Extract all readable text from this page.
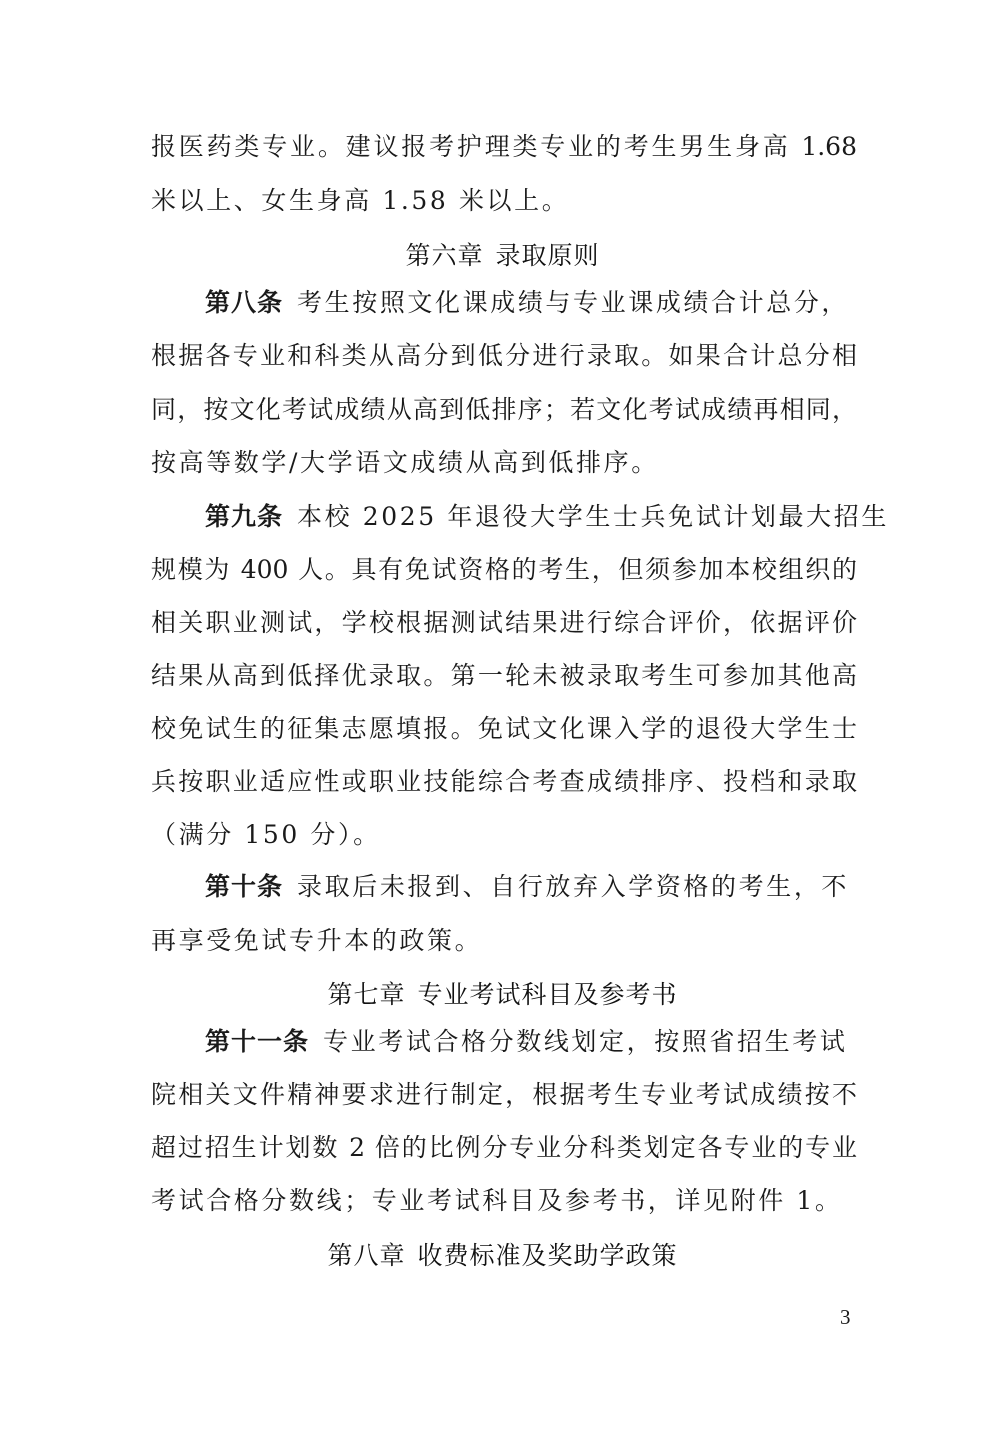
报医药类专业。建议报考护理类专业的考生男生身高 1.68
米以上、女生身高 1.58 米以上。
第六章 录取原则
第八条 考生按照文化课成绩与专业课成绩合计总分，
根据各专业和科类从高分到低分进行录取。如果合计总分相
同，按文化考试成绩从高到低排序；若文化考试成绩再相同，
按高等数学/大学语文成绩从高到低排序。
第九条 本校 2025 年退役大学生士兵免试计划最大招生
规模为 400 人。具有免试资格的考生，但须参加本校组织的
相关职业测试，学校根据测试结果进行综合评价，依据评价
结果从高到低择优录取。第一轮未被录取考生可参加其他高
校免试生的征集志愿填报。免试文化课入学的退役大学生士
兵按职业适应性或职业技能综合考查成绩排序、投档和录取
（满分 150 分）。
第十条 录取后未报到、自行放弃入学资格的考生，不
再享受免试专升本的政策。
第七章 专业考试科目及参考书
第十一条 专业考试合格分数线划定，按照省招生考试
院相关文件精神要求进行制定，根据考生专业考试成绩按不
超过招生计划数 2 倍的比例分专业分科类划定各专业的专业
考试合格分数线；专业考试科目及参考书，详见附件 1。
第八章 收费标准及奖助学政策
3
